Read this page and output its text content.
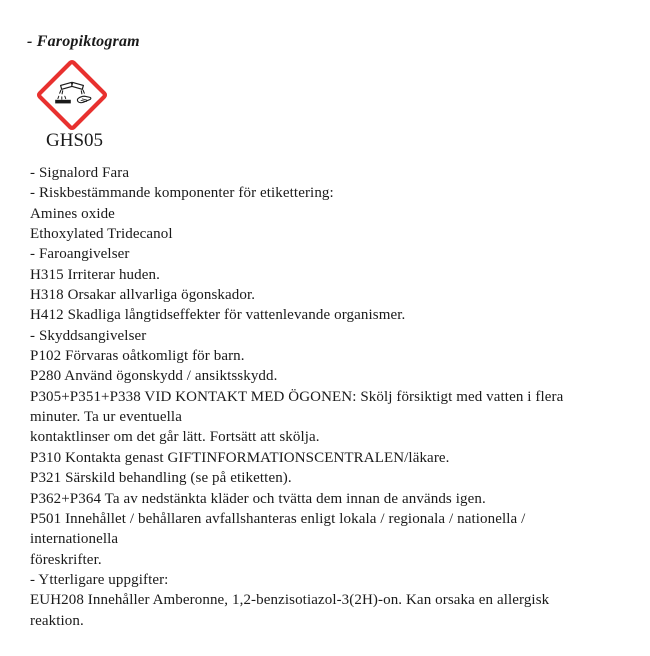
- Faropiktogram
GHS05
- Signalord Fara
- Riskbestämmande komponenter för etikettering:
Amines oxide
Ethoxylated Tridecanol
- Faroangivelser
H315 Irriterar huden.
H318 Orsakar allvarliga ögonskador.
H412 Skadliga långtidseffekter för vattenlevande organismer.
- Skyddsangivelser
P102 Förvaras oåtkomligt för barn.
P280 Använd ögonskydd / ansiktsskydd.
P305+P351+P338 VID KONTAKT MED ÖGONEN: Skölj försiktigt med vatten i flera
minuter. Ta ur eventuella
kontaktlinser om det går lätt. Fortsätt att skölja.
P310 Kontakta genast GIFTINFORMATIONSCENTRALEN/läkare.
P321 Särskild behandling (se på etiketten).
P362+P364 Ta av nedstänkta kläder och tvätta dem innan de används igen.
P501 Innehållet / behållaren avfallshanteras enligt lokala / regionala / nationella /
internationella
föreskrifter.
- Ytterligare uppgifter:
EUH208 Innehåller Amberonne, 1,2-benzisotiazol-3(2H)-on. Kan orsaka en allergisk
reaktion.
